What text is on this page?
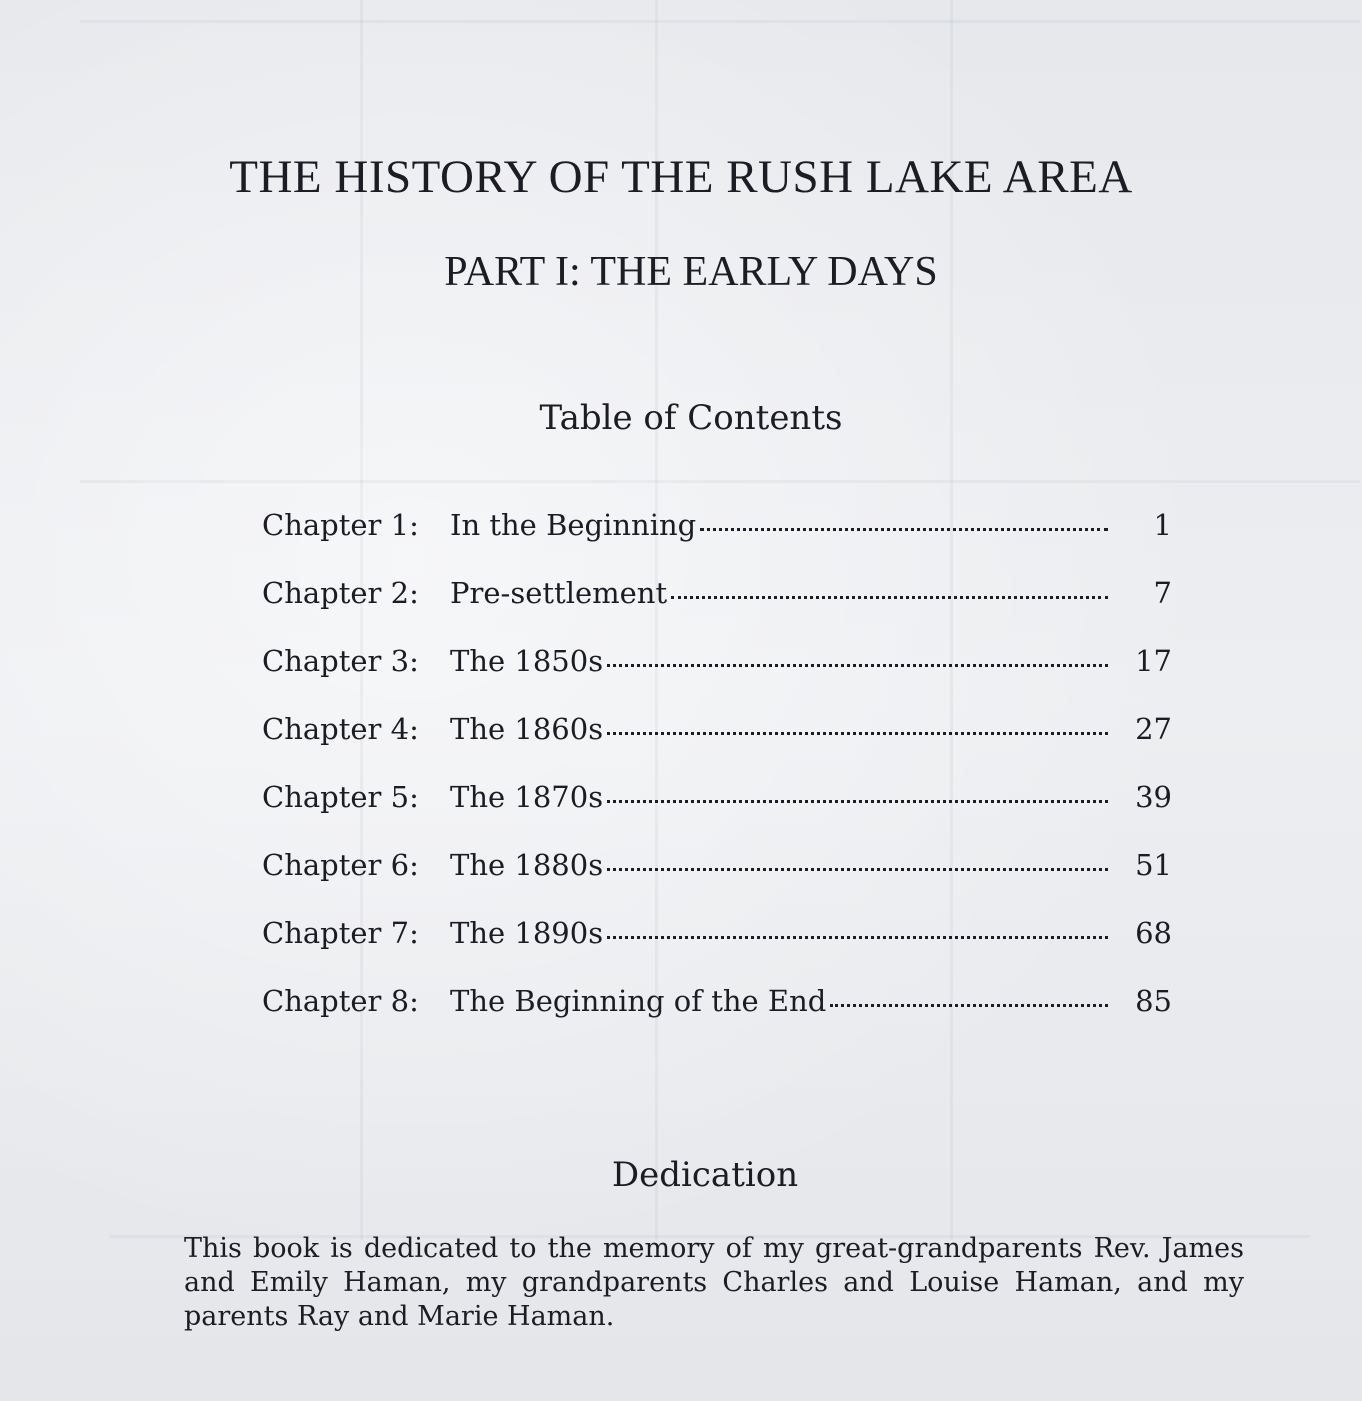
THE HISTORY OF THE RUSH LAKE AREA
PART I: THE EARLY DAYS
Table of Contents
Chapter 1:	In the Beginning	1
Chapter 2:	Pre-settlement	7
Chapter 3:	The 1850s	17
Chapter 4:	The 1860s	27
Chapter 5:	The 1870s	39
Chapter 6:	The 1880s	51
Chapter 7:	The 1890s	68
Chapter 8:	The Beginning of the End	85
Dedication

This book is dedicated to the memory of my great-grandparents Rev. James and Emily Haman, my grandparents Charles and Louise Haman, and my parents Ray and Marie Haman.
